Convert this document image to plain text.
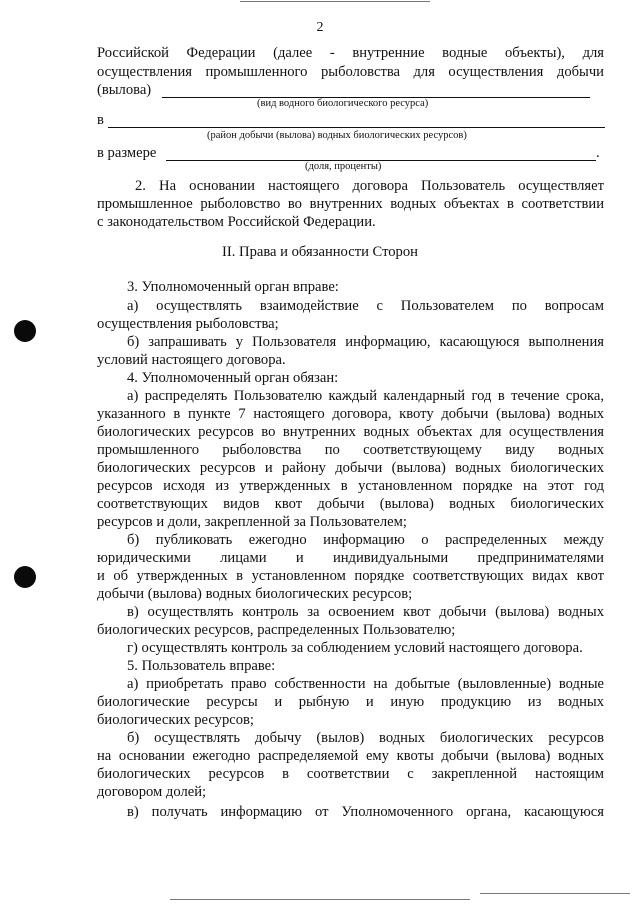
2
Российской Федерации (далее - внутренние водные объекты), для
осуществления промышленного рыболовства для осуществления добычи
(вылова)
(вид водного биологического ресурса)
в
(район добычи (вылова) водных биологических ресурсов)
в размере	.
(доля, проценты)
2. На основании настоящего договора Пользователь осуществляет
промышленное рыболовство во внутренних водных объектах в соответствии
с законодательством Российской Федерации.
II. Права и обязанности Сторон
3. Уполномоченный орган вправе:
а) осуществлять взаимодействие с Пользователем по вопросам
осуществления рыболовства;
б) запрашивать у Пользователя информацию, касающуюся выполнения
условий настоящего договора.
4. Уполномоченный орган обязан:
а) распределять Пользователю каждый календарный год в течение срока,
указанного в пункте 7 настоящего договора, квоту добычи (вылова) водных
биологических ресурсов во внутренних водных объектах для осуществления
промышленного рыболовства по соответствующему виду водных
биологических ресурсов и району добычи (вылова) водных биологических
ресурсов исходя из утвержденных в установленном порядке на этот год
соответствующих видов квот добычи (вылова) водных биологических
ресурсов и доли, закрепленной за Пользователем;
б) публиковать ежегодно информацию о распределенных между
юридическими лицами и индивидуальными предпринимателями
и об утвержденных в установленном порядке соответствующих видах квот
добычи (вылова) водных биологических ресурсов;
в) осуществлять контроль за освоением квот добычи (вылова) водных
биологических ресурсов, распределенных Пользователю;
г) осуществлять контроль за соблюдением условий настоящего договора.
5. Пользователь вправе:
а) приобретать право собственности на добытые (выловленные) водные
биологические ресурсы и рыбную и иную продукцию из водных
биологических ресурсов;
б) осуществлять добычу (вылов) водных биологических ресурсов
на основании ежегодно распределяемой ему квоты добычи (вылова) водных
биологических ресурсов в соответствии с закрепленной настоящим
договором долей;
в) получать информацию от Уполномоченного органа, касающуюся
